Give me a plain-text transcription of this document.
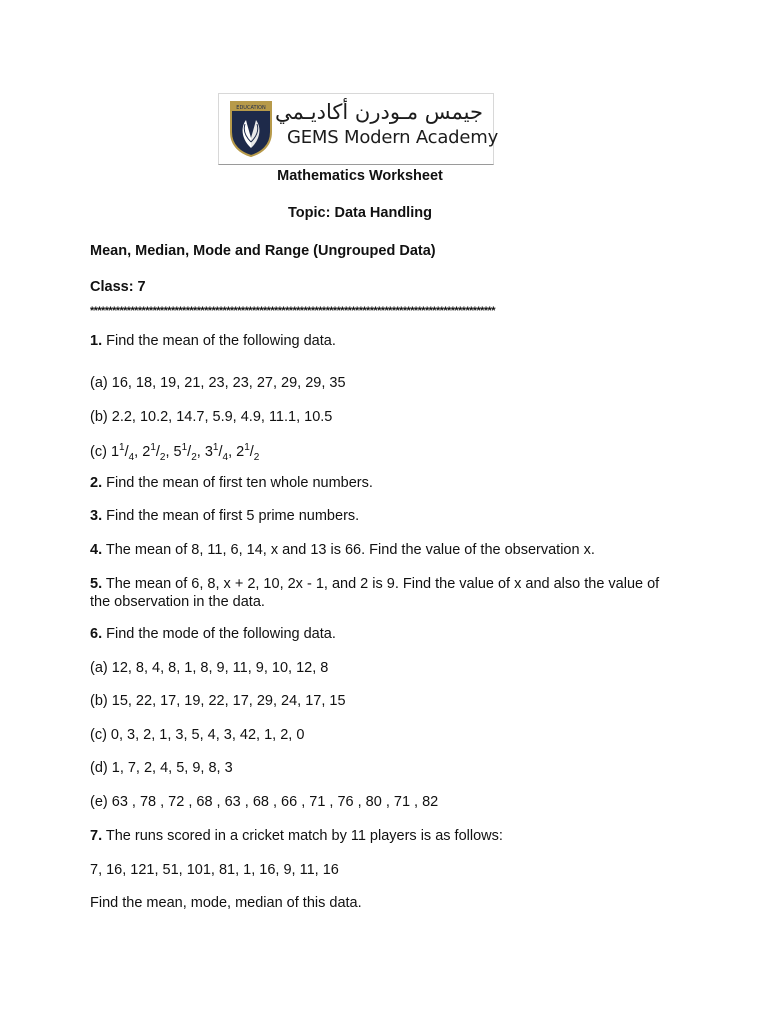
EDUCATION جيمس مـودرن أكاديـمي
GEMS Modern Academy
Mathematics Worksheet
Topic: Data Handling
Mean, Median, Mode and Range (Ungrouped Data)
Class: 7
**************************************************************************************************************
1. Find the mean of the following data.
(a) 16, 18, 19, 21, 23, 23, 27, 29, 29, 35
(b) 2.2, 10.2, 14.7, 5.9, 4.9, 11.1, 10.5
(c) $1^1/_4$, $2^1/_2$, $5^1/_2$, $3^1/_4$, $2^1/_2$
2. Find the mean of first ten whole numbers.
3. Find the mean of first 5 prime numbers.
4. The mean of 8, 11, 6, 14, x and 13 is 66. Find the value of the observation x.
5. The mean of 6, 8, x + 2, 10, 2x - 1, and 2 is 9. Find the value of x and also the value of the observation in the data.
6. Find the mode of the following data.
(a) 12, 8, 4, 8, 1, 8, 9, 11, 9, 10, 12, 8
(b) 15, 22, 17, 19, 22, 17, 29, 24, 17, 15
(c) 0, 3, 2, 1, 3, 5, 4, 3, 42, 1, 2, 0
(d) 1, 7, 2, 4, 5, 9, 8, 3
(e) 63 , 78 , 72 , 68 , 63 , 68 , 66 , 71 , 76 , 80 , 71 , 82
7. The runs scored in a cricket match by 11 players is as follows:
7, 16, 121, 51, 101, 81, 1, 16, 9, 11, 16
Find the mean, mode, median of this data.
